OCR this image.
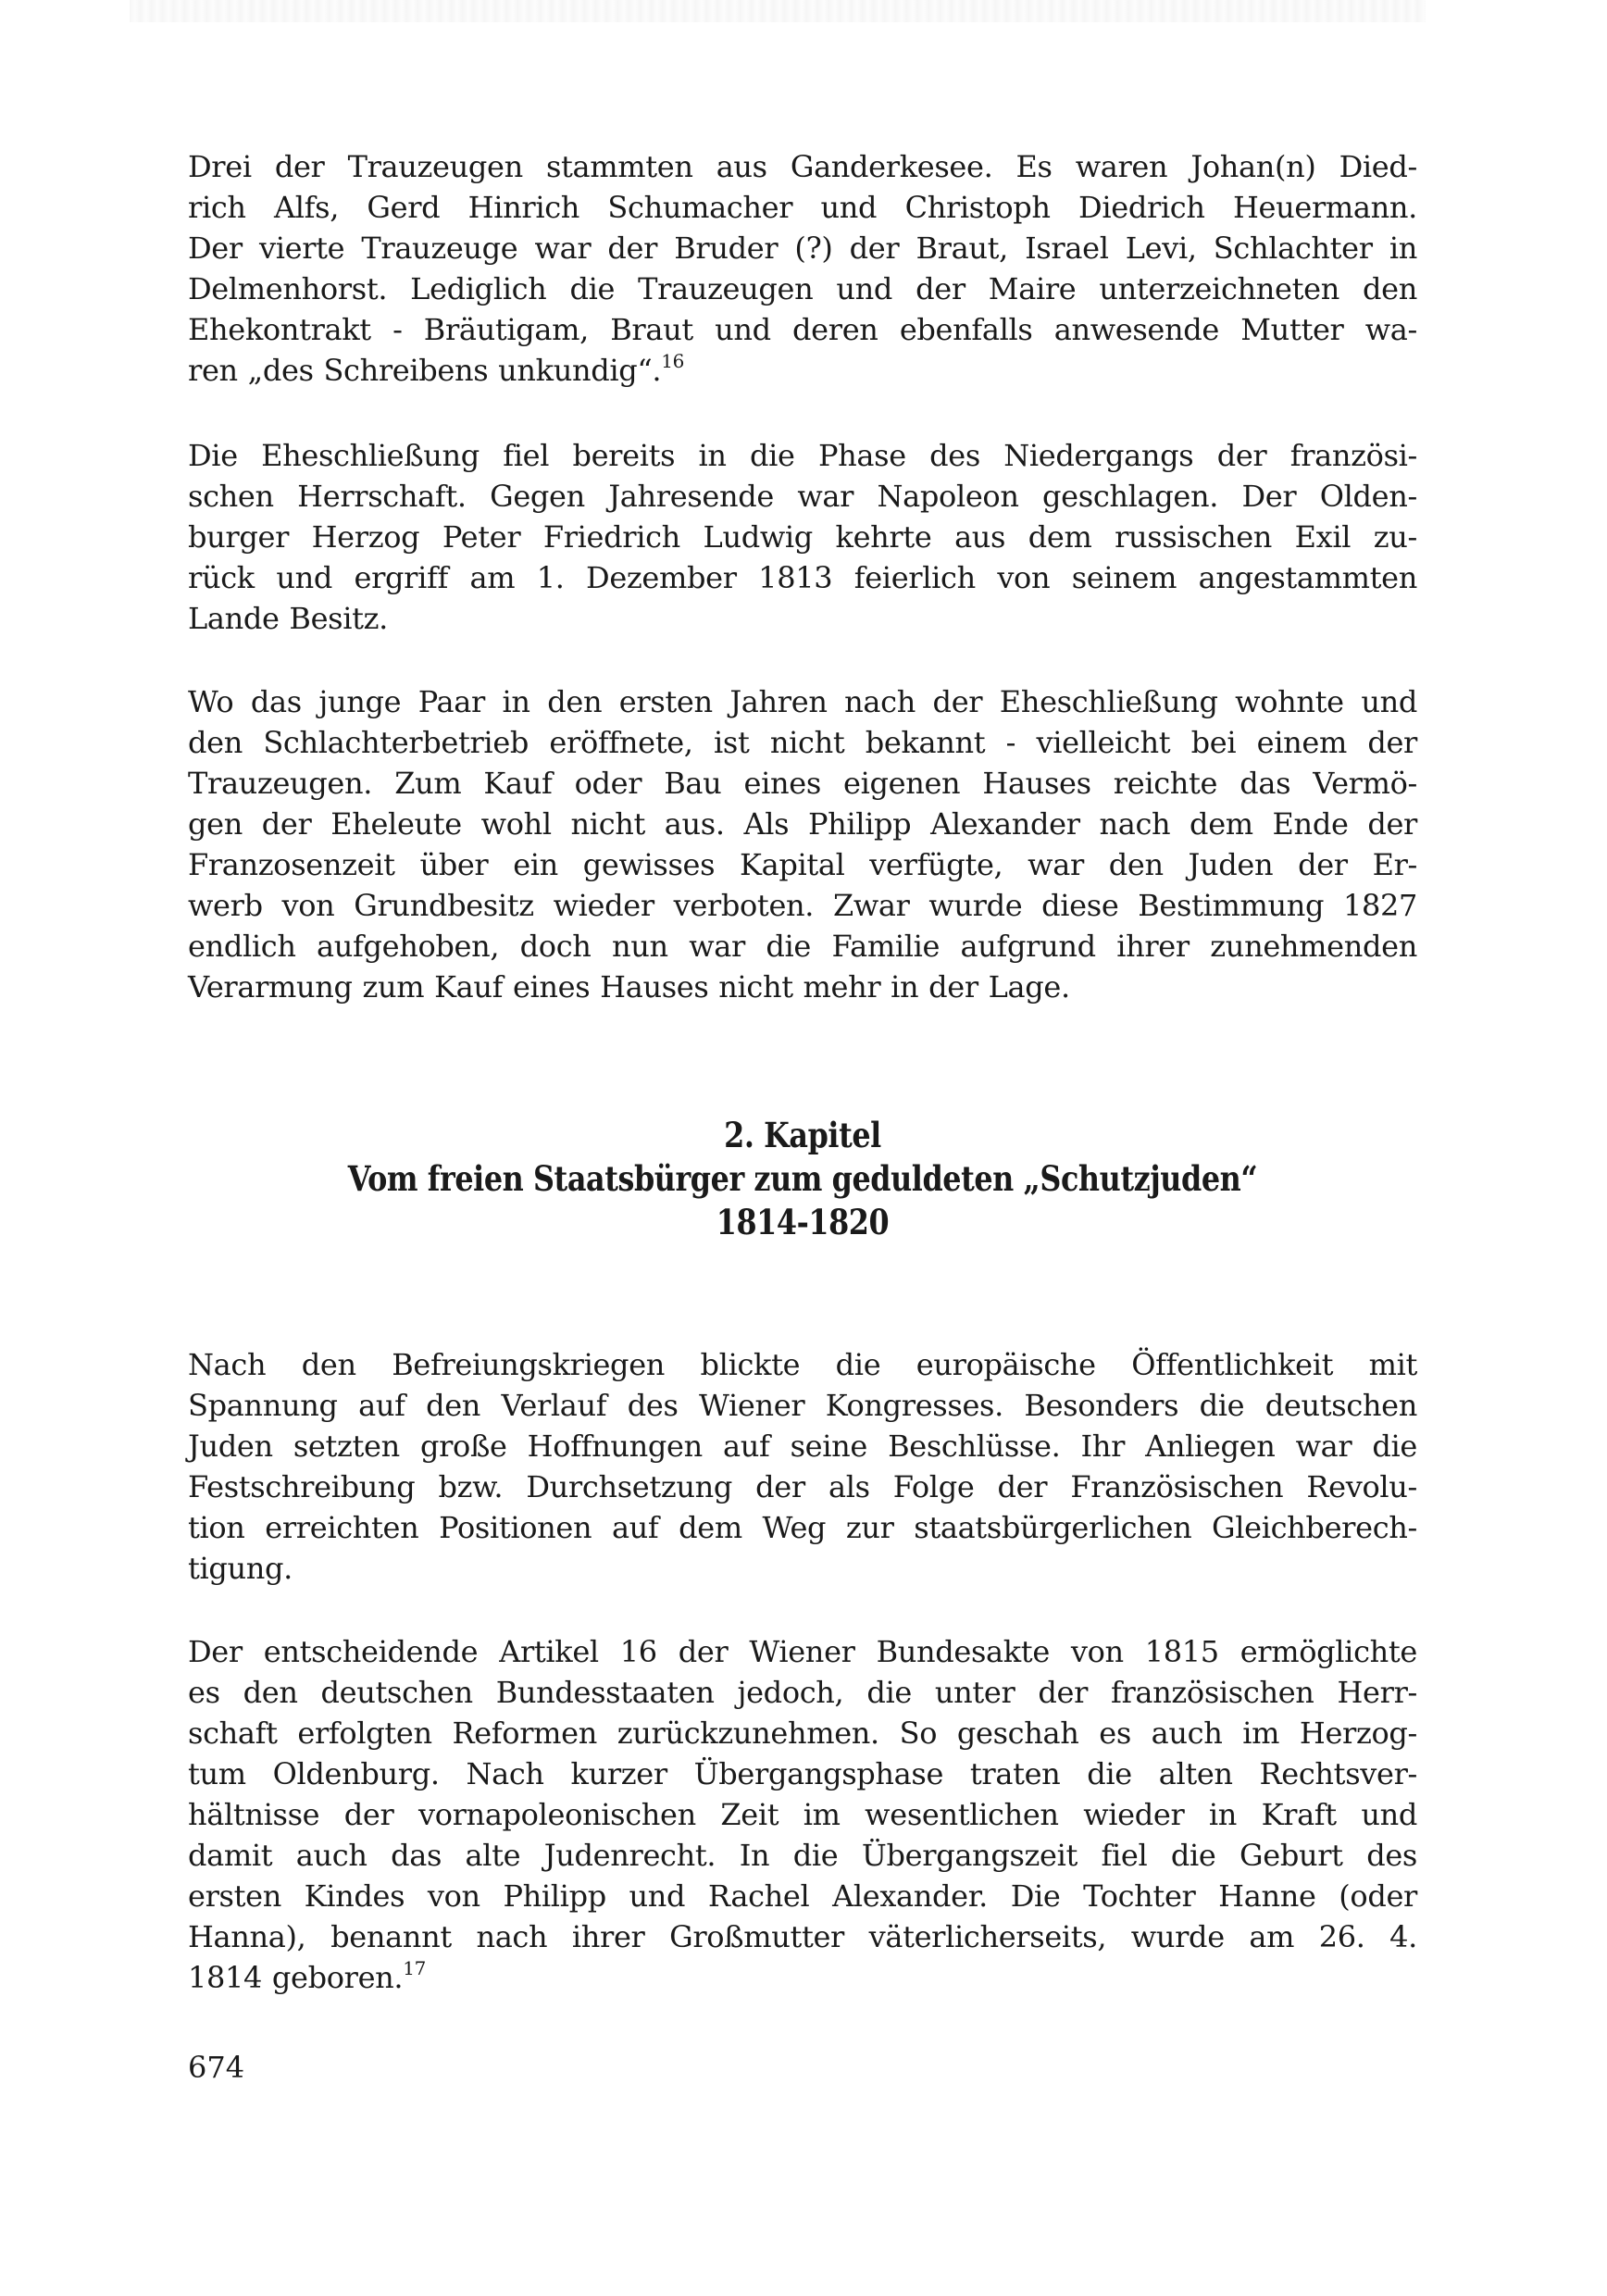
Drei der Trauzeugen stammten aus Ganderkesee. Es waren Johan(n) Died-
rich Alfs, Gerd Hinrich Schumacher und Christoph Diedrich Heuermann.
Der vierte Trauzeuge war der Bruder (?) der Braut, Israel Levi, Schlachter in
Delmenhorst. Lediglich die Trauzeugen und der Maire unterzeichneten den
Ehekontrakt - Bräutigam, Braut und deren ebenfalls anwesende Mutter wa-
ren „des Schreibens unkundig“.$^{16}$
Die Eheschließung fiel bereits in die Phase des Niedergangs der französi-
schen Herrschaft. Gegen Jahresende war Napoleon geschlagen. Der Olden-
burger Herzog Peter Friedrich Ludwig kehrte aus dem russischen Exil zu-
rück und ergriff am 1. Dezember 1813 feierlich von seinem angestammten
Lande Besitz.
Wo das junge Paar in den ersten Jahren nach der Eheschließung wohnte und
den Schlachterbetrieb eröffnete, ist nicht bekannt - vielleicht bei einem der
Trauzeugen. Zum Kauf oder Bau eines eigenen Hauses reichte das Vermö-
gen der Eheleute wohl nicht aus. Als Philipp Alexander nach dem Ende der
Franzosenzeit über ein gewisses Kapital verfügte, war den Juden der Er-
werb von Grundbesitz wieder verboten. Zwar wurde diese Bestimmung 1827
endlich aufgehoben, doch nun war die Familie aufgrund ihrer zunehmenden
Verarmung zum Kauf eines Hauses nicht mehr in der Lage.
2. Kapitel
Vom freien Staatsbürger zum geduldeten „Schutzjuden“
1814-1820
Nach den Befreiungskriegen blickte die europäische Öffentlichkeit mit
Spannung auf den Verlauf des Wiener Kongresses. Besonders die deutschen
Juden setzten große Hoffnungen auf seine Beschlüsse. Ihr Anliegen war die
Festschreibung bzw. Durchsetzung der als Folge der Französischen Revolu-
tion erreichten Positionen auf dem Weg zur staatsbürgerlichen Gleichberech-
tigung.
Der entscheidende Artikel 16 der Wiener Bundesakte von 1815 ermöglichte
es den deutschen Bundesstaaten jedoch, die unter der französischen Herr-
schaft erfolgten Reformen zurückzunehmen. So geschah es auch im Herzog-
tum Oldenburg. Nach kurzer Übergangsphase traten die alten Rechtsver-
hältnisse der vornapoleonischen Zeit im wesentlichen wieder in Kraft und
damit auch das alte Judenrecht. In die Übergangszeit fiel die Geburt des
ersten Kindes von Philipp und Rachel Alexander. Die Tochter Hanne (oder
Hanna), benannt nach ihrer Großmutter väterlicherseits, wurde am 26. 4.
1814 geboren.$^{17}$
674
